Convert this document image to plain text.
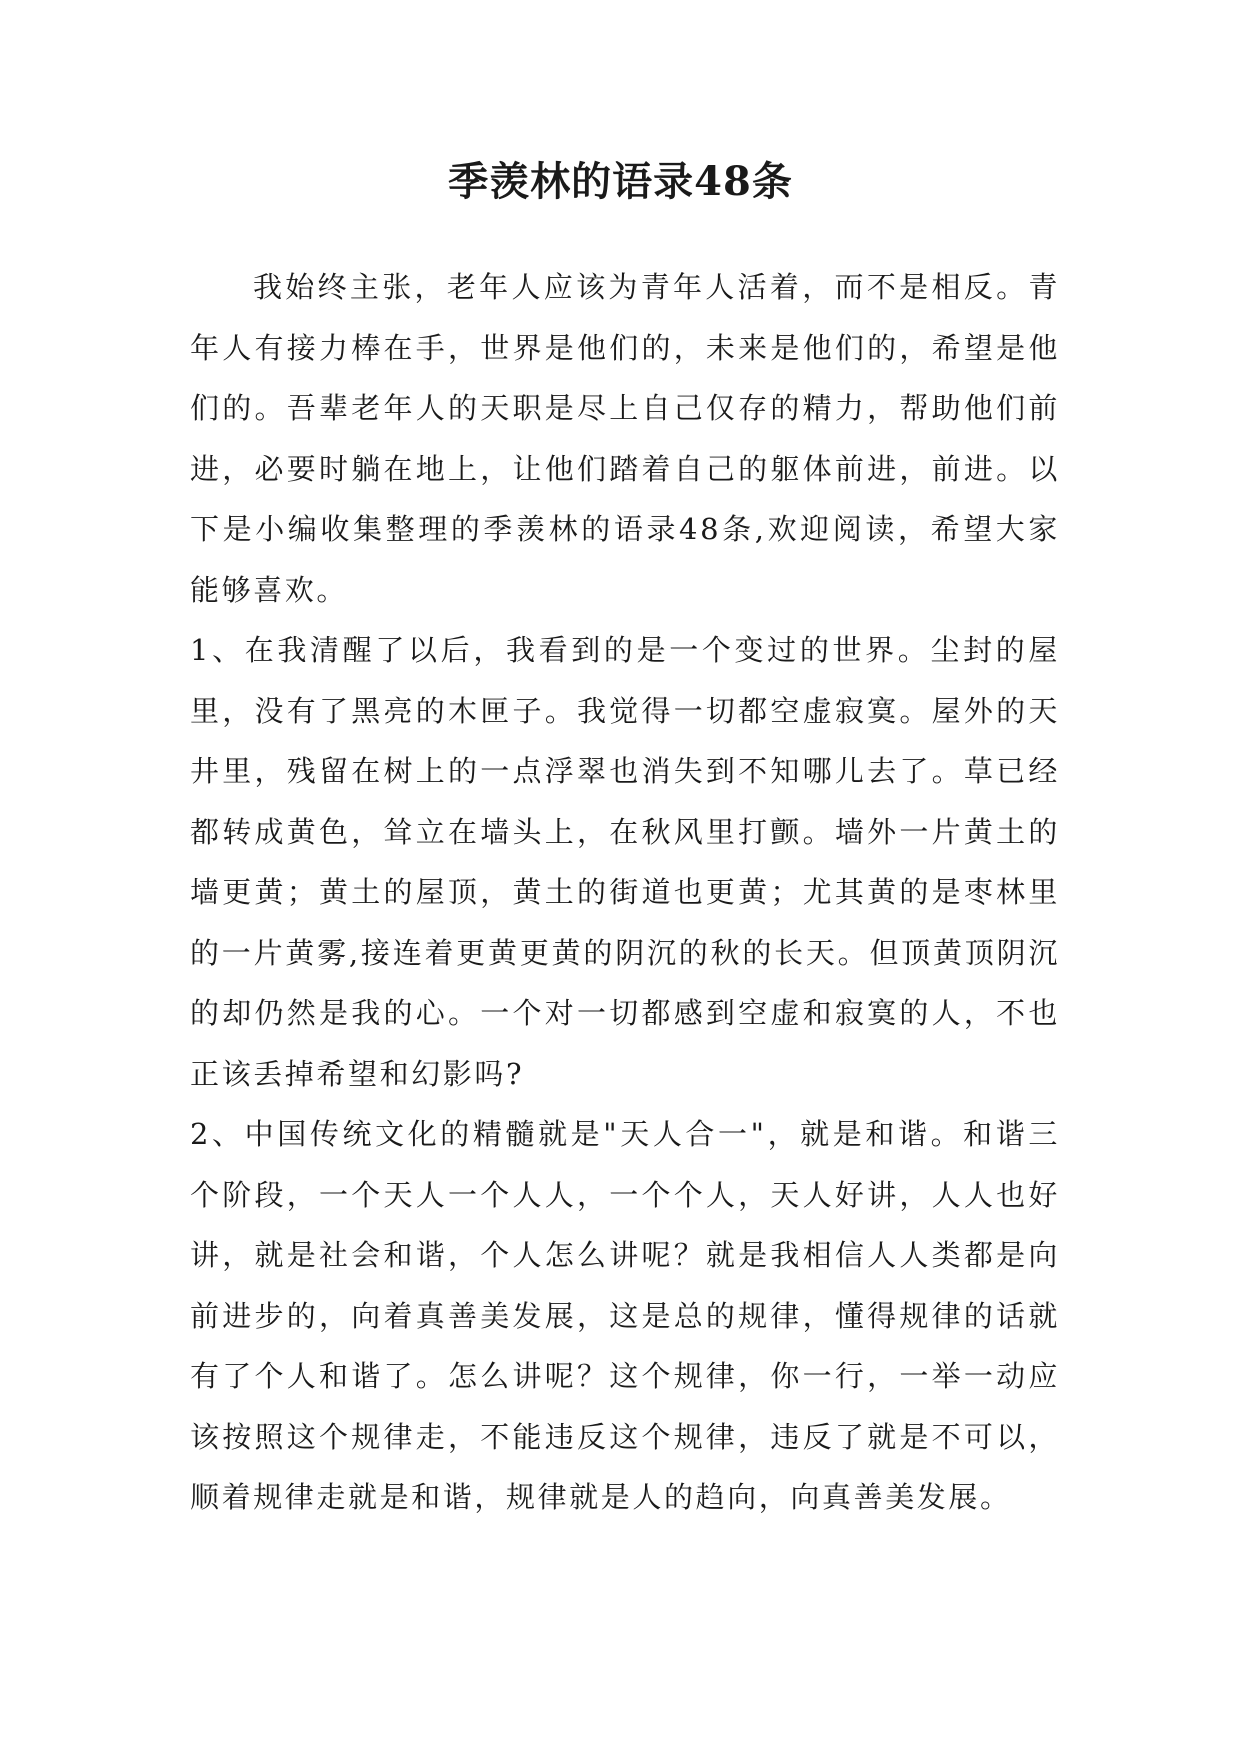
季羡林的语录48条

我始终主张，老年人应该为青年人活着，而不是相反。青年人有接力棒在手，世界是他们的，未来是他们的，希望是他们的。吾辈老年人的天职是尽上自己仅存的精力，帮助他们前进，必要时躺在地上，让他们踏着自己的躯体前进，前进。以下是小编收集整理的季羡林的语录48条,欢迎阅读，希望大家能够喜欢。

1、在我清醒了以后，我看到的是一个变过的世界。尘封的屋里，没有了黑亮的木匣子。我觉得一切都空虚寂寞。屋外的天井里，残留在树上的一点浮翠也消失到不知哪儿去了。草已经都转成黄色，耸立在墙头上，在秋风里打颤。墙外一片黄土的墙更黄；黄土的屋顶，黄土的街道也更黄；尤其黄的是枣林里的一片黄雾,接连着更黄更黄的阴沉的秋的长天。但顶黄顶阴沉的却仍然是我的心。一个对一切都感到空虚和寂寞的人，不也正该丢掉希望和幻影吗?

2、中国传统文化的精髓就是"天人合一"，就是和谐。和谐三个阶段，一个天人一个人人，一个个人，天人好讲，人人也好讲，就是社会和谐，个人怎么讲呢？就是我相信人人类都是向前进步的，向着真善美发展，这是总的规律，懂得规律的话就有了个人和谐了。怎么讲呢？这个规律，你一行，一举一动应该按照这个规律走，不能违反这个规律，违反了就是不可以，顺着规律走就是和谐，规律就是人的趋向，向真善美发展。
